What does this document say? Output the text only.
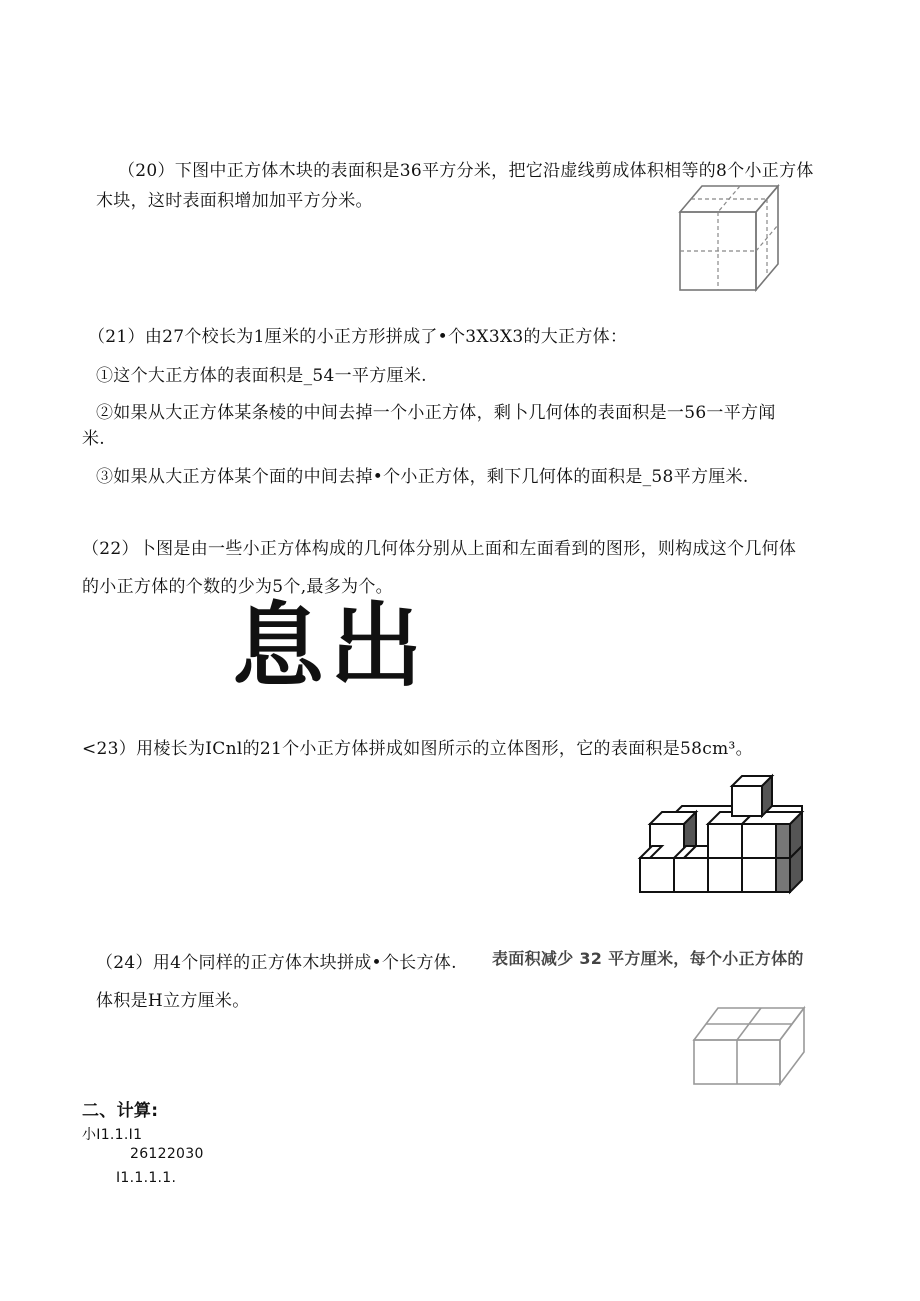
（20）下图中正方体木块的表面积是36平方分米，把它沿虚线剪成体积相等的8个小正方体
木块，这时表面积增加加平方分米。
（21）由27个校长为1厘米的小正方形拼成了•个3X3X3的大正方体：
①这个大正方体的表面积是_54一平方厘米.
②如果从大正方体某条棱的中间去掉一个小正方体，剩卜几何体的表面积是一56一平方闻
米.
③如果从大正方体某个面的中间去掉•个小正方体，剩下几何体的面积是_58平方厘米.
（22）卜图是由一些小正方体构成的几何体分别从上面和左面看到的图形，则构成这个几何体
的小正方体的个数的少为5个,最多为个。
息出
<23）用棱长为ICnl的21个小正方体拼成如图所示的立体图形，它的表面积是58cm³。
（24）用4个同样的正方体木块拼成•个长方体. 表面积减少 32 平方厘米，每个小正方体的
体积是H立方厘米。
二、计算:
小I1.1.I1
26122030
I1.1.1.1.
